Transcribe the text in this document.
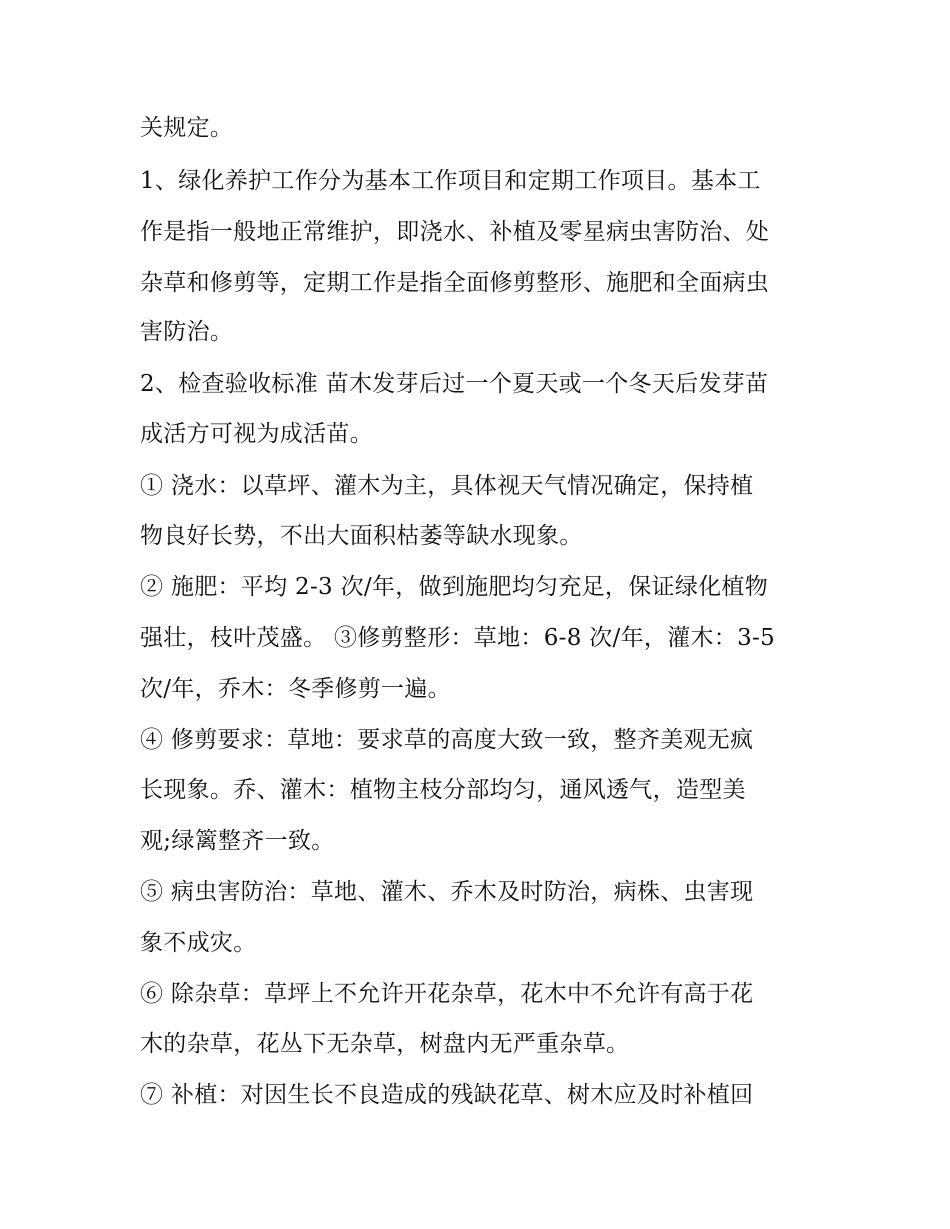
关规定。
1、绿化养护工作分为基本工作项目和定期工作项目。基本工
作是指一般地正常维护，即浇水、补植及零星病虫害防治、处
杂草和修剪等，定期工作是指全面修剪整形、施肥和全面病虫
害防治。
2、检查验收标准 苗木发芽后过一个夏天或一个冬天后发芽苗
成活方可视为成活苗。
① 浇水：以草坪、灌木为主，具体视天气情况确定，保持植
物良好长势，不出大面积枯萎等缺水现象。
② 施肥：平均 2-3 次/年，做到施肥均匀充足，保证绿化植物
强壮，枝叶茂盛。 ③修剪整形：草地：6-8 次/年，灌木：3-5
次/年，乔木：冬季修剪一遍。
④ 修剪要求：草地：要求草的高度大致一致，整齐美观无疯
长现象。乔、灌木：植物主枝分部均匀，通风透气，造型美
观;绿篱整齐一致。
⑤ 病虫害防治：草地、灌木、乔木及时防治，病株、虫害现
象不成灾。
⑥ 除杂草：草坪上不允许开花杂草，花木中不允许有高于花
木的杂草，花丛下无杂草，树盘内无严重杂草。
⑦ 补植：对因生长不良造成的残缺花草、树木应及时补植回
